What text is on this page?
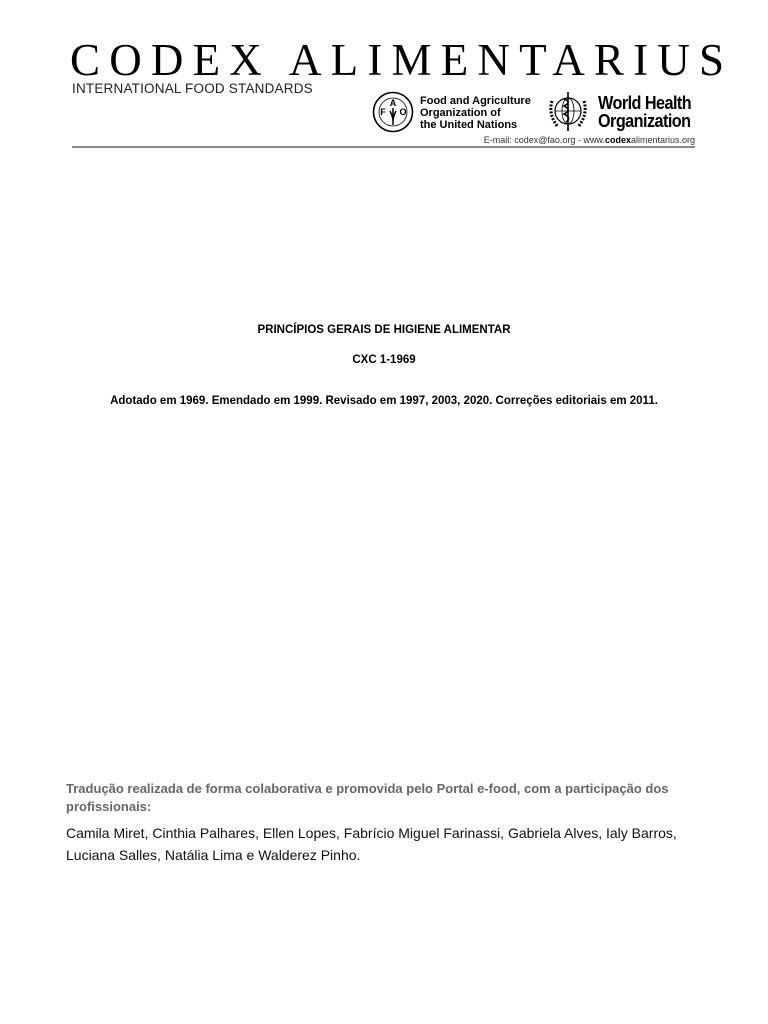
CODEX ALIMENTARIUS
INTERNATIONAL FOOD STANDARDS
A
F O
Food and Agriculture
Organization of
the United Nations
World Health
Organization
E-mail: codex@fao.org - www.codexalimentarius.org
PRINCÍPIOS GERAIS DE HIGIENE ALIMENTAR
CXC 1-1969
Adotado em 1969. Emendado em 1999. Revisado em 1997, 2003, 2020. Correções editoriais em 2011.
Tradução realizada de forma colaborativa e promovida pelo Portal e-food, com a participação dos profissionais:
Camila Miret, Cinthia Palhares, Ellen Lopes, Fabrício Miguel Farinassi, Gabriela Alves, Ialy Barros, Luciana Salles, Natália Lima e Walderez Pinho.
